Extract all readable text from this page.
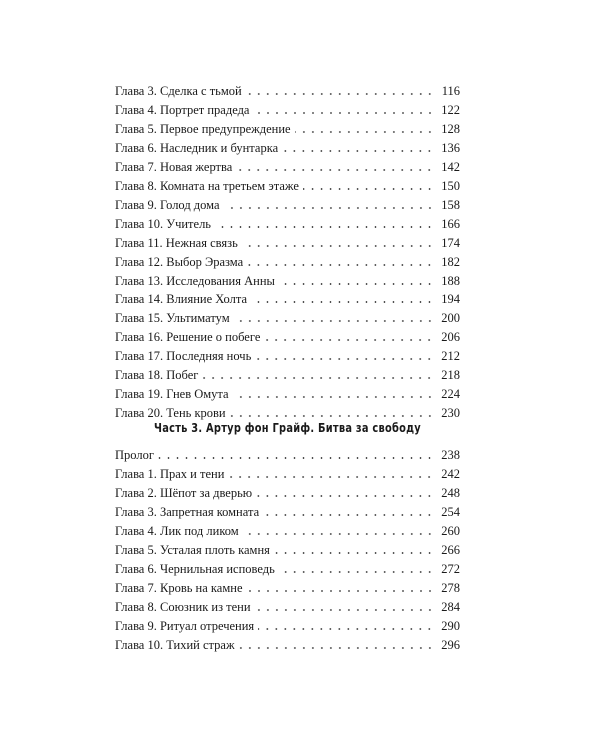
Глава 3. Сделка с тьмой	116
Глава 4. Портрет прадеда	122
Глава 5. Первое предупреждение	128
Глава 6. Наследник и бунтарка	136
Глава 7. Новая жертва	142
Глава 8. Комната на третьем этаже	150
Глава 9. Голод дома	158
Глава 10. Учитель	166
Глава 11. Нежная связь	174
Глава 12. Выбор Эразма	182
Глава 13. Исследования Анны	188
Глава 14. Влияние Холта	194
Глава 15. Ультиматум	200
Глава 16. Решение о побеге	206
Глава 17. Последняя ночь	212
Глава 18. Побег	218
Глава 19. Гнев Омута	224
Глава 20. Тень крови	230
Пролог	238
Глава 1. Прах и тени	242
Глава 2. Шёпот за дверью	248
Глава 3. Запретная комната	254
Глава 4. Лик под ликом	260
Глава 5. Усталая плоть камня	266
Глава 6. Чернильная исповедь	272
Глава 7. Кровь на камне	278
Глава 8. Союзник из тени	284
Глава 9. Ритуал отречения	290
Глава 10. Тихий страж	296
Часть 3. Артур фон Грайф. Битва за свободу
